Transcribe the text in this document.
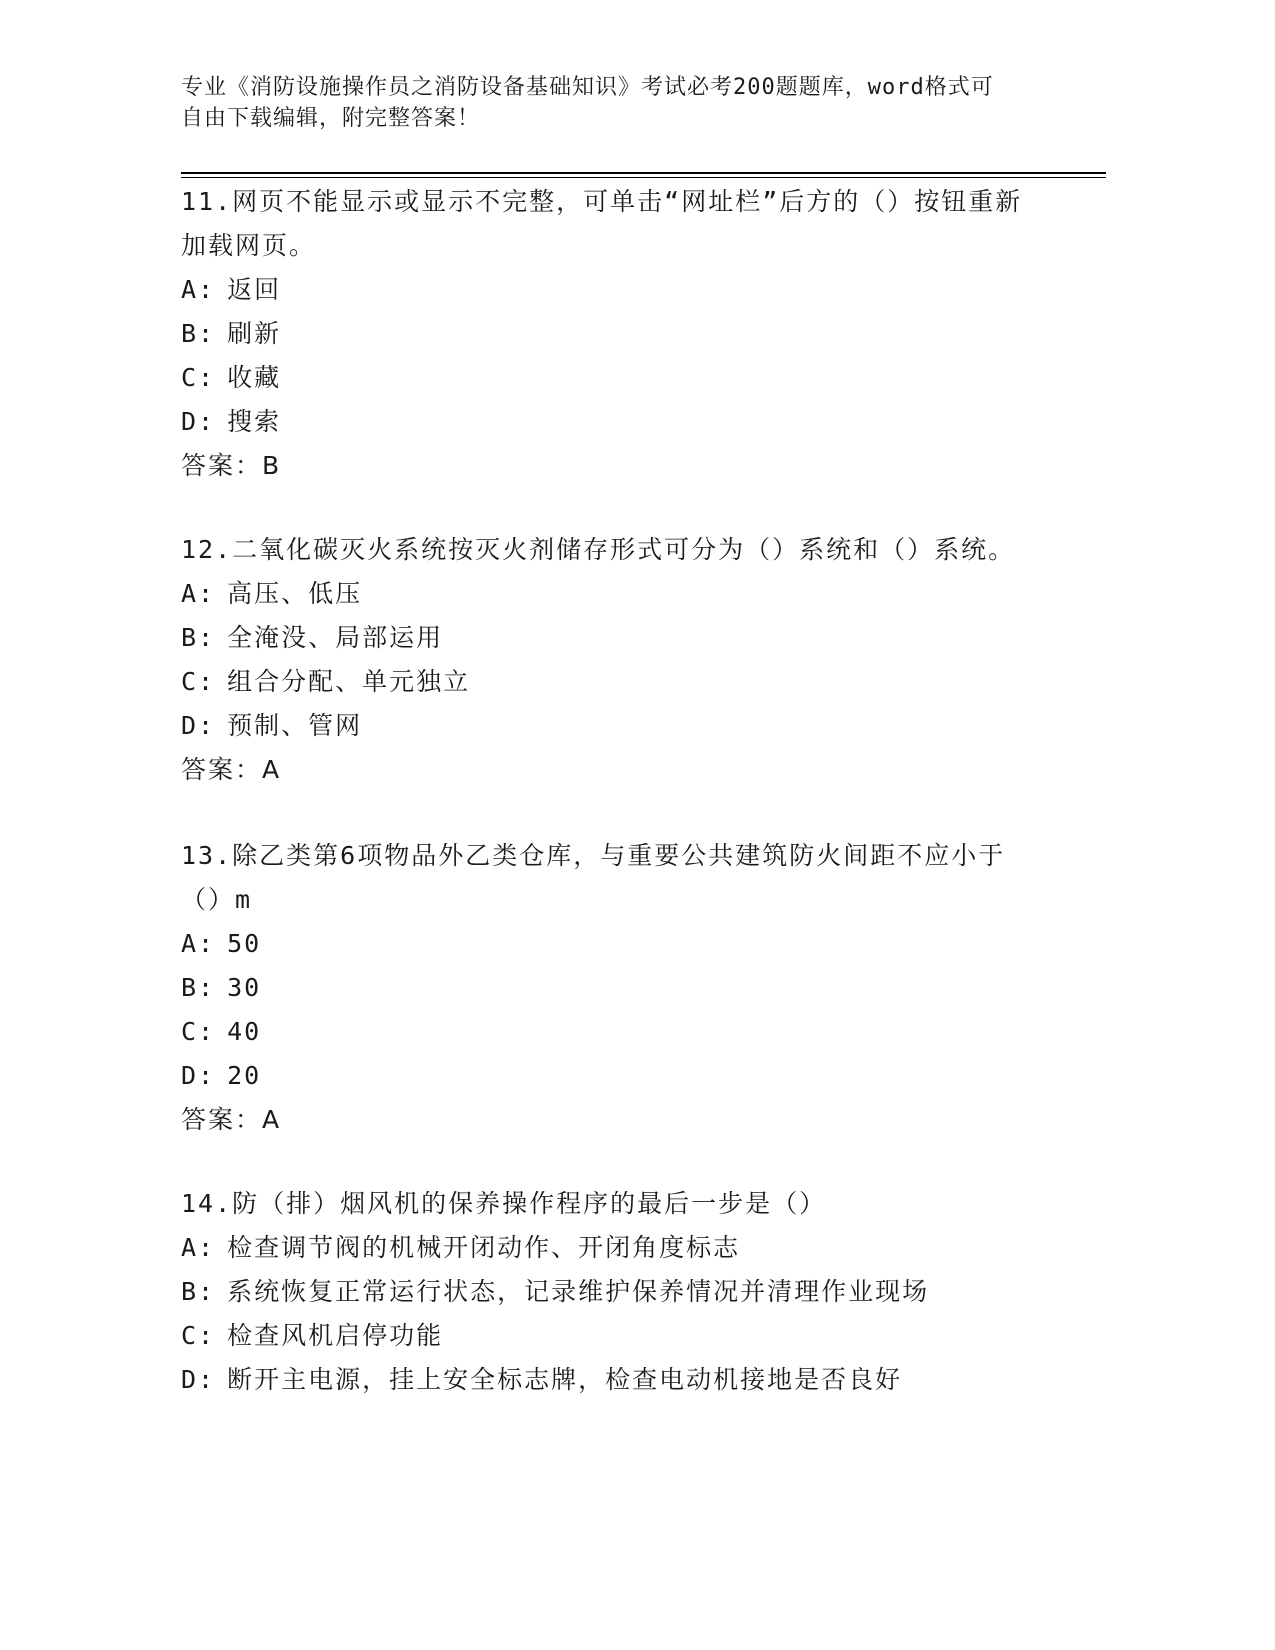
专业《消防设施操作员之消防设备基础知识》考试必考200题题库，word格式可
自由下载编辑，附完整答案！

11.网页不能显示或显示不完整，可单击“网址栏”后方的（）按钮重新加载网页。

A: 返回

B: 刷新

C: 收藏

D: 搜索

答案：B

12.二氧化碳灭火系统按灭火剂储存形式可分为（）系统和（）系统。

A: 高压、低压

B: 全淹没、局部运用

C: 组合分配、单元独立

D: 预制、管网

答案：A

13.除乙类第6项物品外乙类仓库，与重要公共建筑防火间距不应小于（）m

A: 50

B: 30

C: 40

D: 20

答案：A

14.防（排）烟风机的保养操作程序的最后一步是（）

A: 检查调节阀的机械开闭动作、开闭角度标志

B: 系统恢复正常运行状态，记录维护保养情况并清理作业现场

C: 检查风机启停功能

D: 断开主电源，挂上安全标志牌，检查电动机接地是否良好
